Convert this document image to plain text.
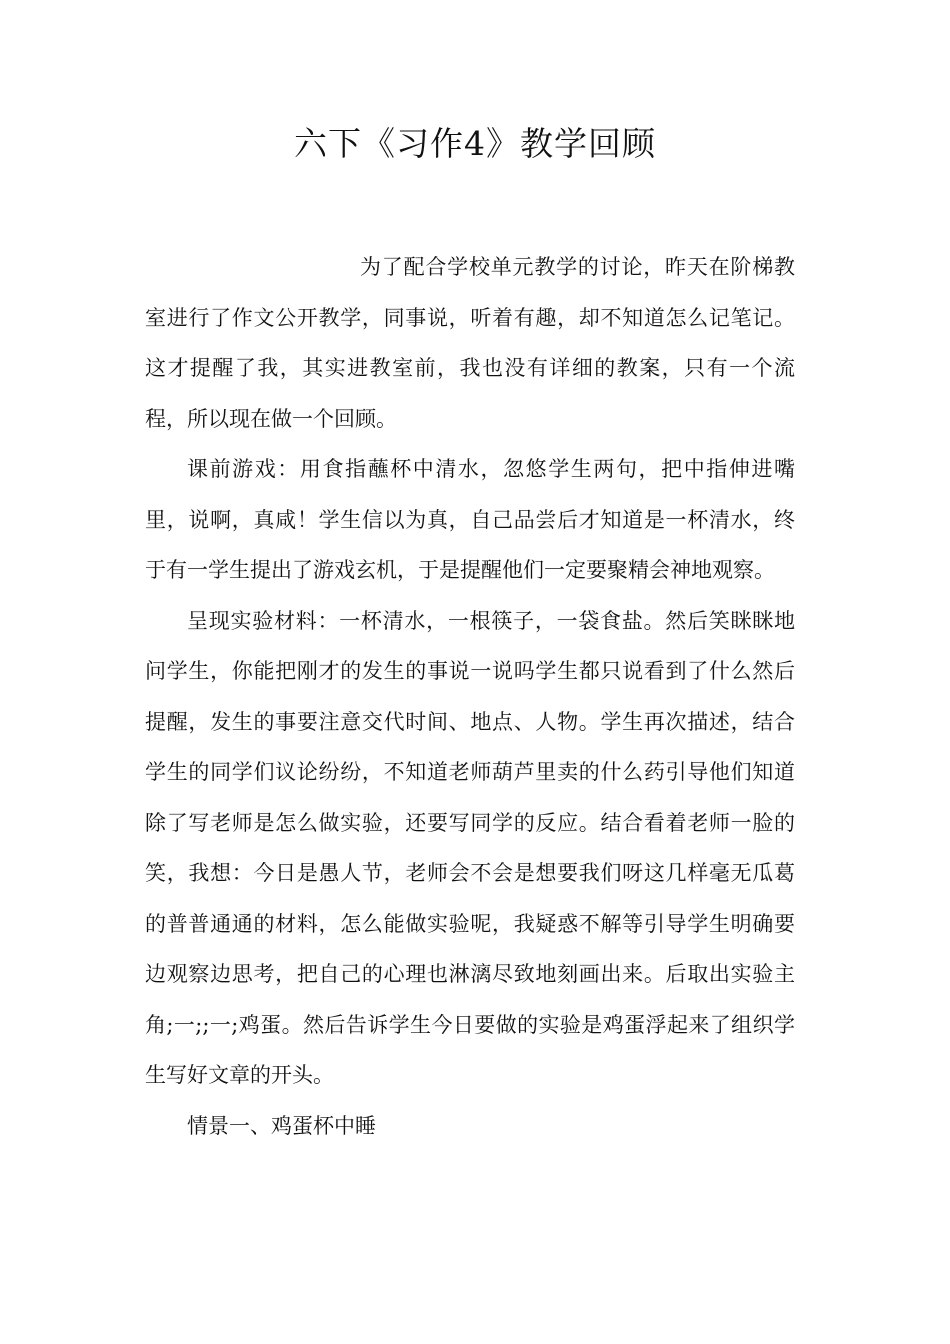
六下《习作4》教学回顾

为了配合学校单元教学的讨论，昨天在阶梯教室进行了作文公开教学，同事说，听着有趣，却不知道怎么记笔记。这才提醒了我，其实进教室前，我也没有详细的教案，只有一个流程，所以现在做一个回顾。

课前游戏：用食指蘸杯中清水，忽悠学生两句，把中指伸进嘴里，说啊，真咸！学生信以为真，自己品尝后才知道是一杯清水，终于有一学生提出了游戏玄机，于是提醒他们一定要聚精会神地观察。

呈现实验材料：一杯清水，一根筷子，一袋食盐。然后笑眯眯地问学生，你能把刚才的发生的事说一说吗学生都只说看到了什么然后提醒，发生的事要注意交代时间、地点、人物。学生再次描述，结合学生的同学们议论纷纷，不知道老师葫芦里卖的什么药引导他们知道除了写老师是怎么做实验，还要写同学的反应。结合看着老师一脸的笑，我想：今日是愚人节，老师会不会是想要我们呀这几样毫无瓜葛的普普通通的材料，怎么能做实验呢，我疑惑不解等引导学生明确要边观察边思考，把自己的心理也淋漓尽致地刻画出来。后取出实验主角;一;;一;鸡蛋。然后告诉学生今日要做的实验是鸡蛋浮起来了组织学生写好文章的开头。

情景一、鸡蛋杯中睡
